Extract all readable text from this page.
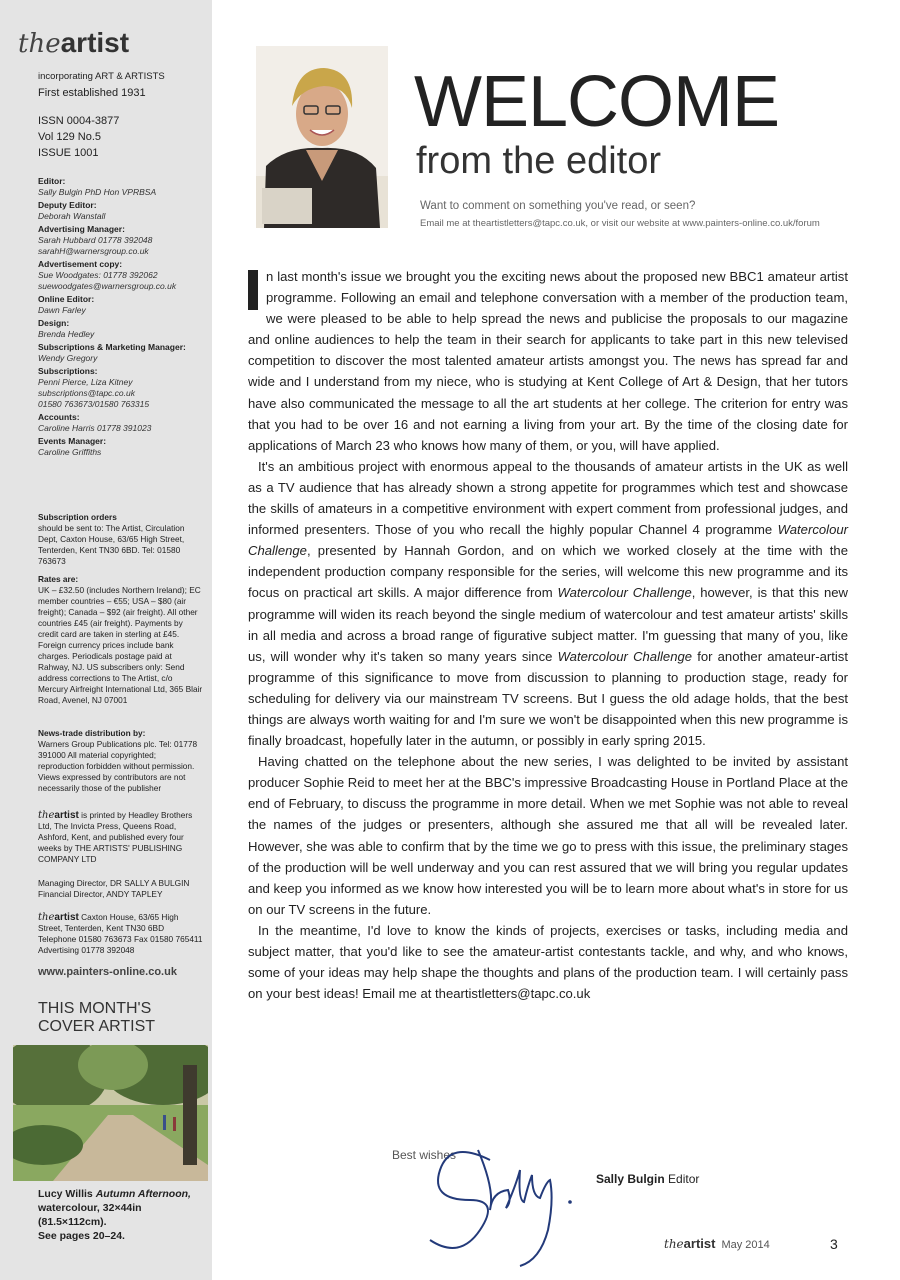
theartist
incorporating ART & ARTISTS
First established 1931
ISSN 0004-3877
Vol 129 No.5
ISSUE 1001
Editor:
Sally Bulgin PhD Hon VPRBSA
Deputy Editor:
Deborah Wanstall
Advertising Manager:
Sarah Hubbard 01778 392048
sarahH@warnersgroup.co.uk
Advertisement copy:
Sue Woodgates: 01778 392062
suewoodgates@warnersgroup.co.uk
Online Editor:
Dawn Farley
Design:
Brenda Hedley
Subscriptions & Marketing Manager:
Wendy Gregory
Subscriptions:
Penni Pierce, Liza Kitney
subscriptions@tapc.co.uk
01580 763673/01580 763315
Accounts:
Caroline Harris 01778 391023
Events Manager:
Caroline Griffiths
Subscription orders
should be sent to: The Artist, Circulation Dept, Caxton House, 63/65 High Street, Tenterden, Kent TN30 6BD. Tel: 01580 763673
Rates are:
UK – £32.50 (includes Northern Ireland); EC member countries – €55; USA – $80 (air freight); Canada – $92 (air freight). All other countries £45 (air freight). Payments by credit card are taken in sterling at £45. Foreign currency prices include bank charges. Periodicals postage paid at Rahway, NJ. US subscribers only: Send address corrections to The Artist, c/o Mercury Airfreight International Ltd, 365 Blair Road, Avenel, NJ 07001
News-trade distribution by:
Warners Group Publications plc. Tel: 01778 391000 All material copyrighted; reproduction forbidden without permission. Views expressed by contributors are not necessarily those of the publisher
theartist is printed by Headley Brothers Ltd, The Invicta Press, Queens Road, Ashford, Kent, and published every four weeks by THE ARTISTS' PUBLISHING COMPANY LTD
Managing Director, DR SALLY A BULGIN
Financial Director, ANDY TAPLEY
theartist Caxton House, 63/65 High Street, Tenterden, Kent TN30 6BD Telephone 01580 763673 Fax 01580 765411 Advertising 01778 392048
www.painters-online.co.uk
THIS MONTH'S
COVER ARTIST
Lucy Willis Autumn Afternoon, watercolour, 32×44in (81.5×112cm).
See pages 20–24.
WELCOME
from the editor
Want to comment on something you've read, or seen?
Email me at theartistletters@tapc.co.uk, or visit our website at www.painters-online.co.uk/forum

n last month's issue we brought you the exciting news about the proposed new BBC1 amateur artist programme. Following an email and telephone conversation with a member of the production team, we were pleased to be able to help spread the news and publicise the proposals to our magazine and online audiences to help the team in their search for applicants to take part in this new televised competition to discover the most talented amateur artists amongst you. The news has spread far and wide and I understand from my niece, who is studying at Kent College of Art & Design, that her tutors have also communicated the message to all the art students at her college. The criterion for entry was that you had to be over 16 and not earning a living from your art. By the time of the closing date for applications of March 23 who knows how many of them, or you, will have applied.

It's an ambitious project with enormous appeal to the thousands of amateur artists in the UK as well as a TV audience that has already shown a strong appetite for programmes which test and showcase the skills of amateurs in a competitive environment with expert comment from professional judges, and informed presenters. Those of you who recall the highly popular Channel 4 programme Watercolour Challenge, presented by Hannah Gordon, and on which we worked closely at the time with the independent production company responsible for the series, will welcome this new programme and its focus on practical art skills. A major difference from Watercolour Challenge, however, is that this new programme will widen its reach beyond the single medium of watercolour and test amateur artists' skills in all media and across a broad range of figurative subject matter. I'm guessing that many of you, like us, will wonder why it's taken so many years since Watercolour Challenge for another amateur-artist programme of this significance to move from discussion to planning to production stage, ready for scheduling for delivery via our mainstream TV screens. But I guess the old adage holds, that the best things are always worth waiting for and I'm sure we won't be disappointed when this new programme is finally broadcast, hopefully later in the autumn, or possibly in early spring 2015.

Having chatted on the telephone about the new series, I was delighted to be invited by assistant producer Sophie Reid to meet her at the BBC's impressive Broadcasting House in Portland Place at the end of February, to discuss the programme in more detail. When we met Sophie was not able to reveal the names of the judges or presenters, although she assured me that all will be revealed later. However, she was able to confirm that by the time we go to press with this issue, the preliminary stages of the production will be well underway and you can rest assured that we will bring you regular updates and keep you informed as we know how interested you will be to learn more about what's in store for us on our TV screens in the future.

In the meantime, I'd love to know the kinds of projects, exercises or tasks, including media and subject matter, that you'd like to see the amateur-artist contestants tackle, and why, and who knows, some of your ideas may help shape the thoughts and plans of the production team. I will certainly pass on your best ideas! Email me at theartistletters@tapc.co.uk

Best wishes
Sally Bulgin Editor
theartist May 2014	3
